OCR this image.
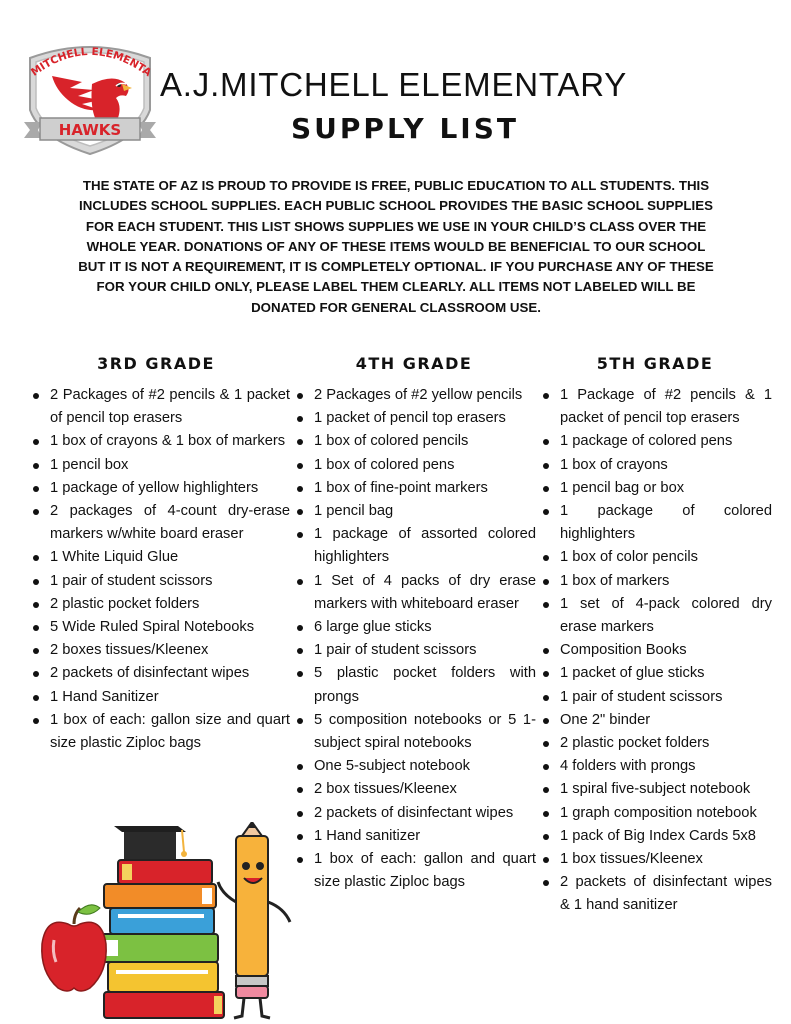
MITCHELL ELEMENTA
HAWKS
A.J.MITCHELL ELEMENTARY
SUPPLY LIST
THE STATE OF AZ IS PROUD TO PROVIDE IS FREE, PUBLIC EDUCATION TO ALL STUDENTS. THIS INCLUDES SCHOOL SUPPLIES. EACH PUBLIC SCHOOL PROVIDES THE BASIC SCHOOL SUPPLIES FOR EACH STUDENT. THIS LIST SHOWS SUPPLIES WE USE IN YOUR CHILD’S CLASS OVER THE WHOLE YEAR. DONATIONS OF ANY OF THESE ITEMS WOULD BE BENEFICIAL TO OUR SCHOOL BUT IT IS NOT A REQUIREMENT, IT IS COMPLETELY OPTIONAL. IF YOU PURCHASE ANY OF THESE FOR YOUR CHILD ONLY, PLEASE LABEL THEM CLEARLY. ALL ITEMS NOT LABELED WILL BE DONATED FOR GENERAL CLASSROOM USE.
3RD GRADE
2 Packages of #2 pencils & 1 packet of pencil top erasers
1 box of crayons & 1 box of markers
1 pencil box
1 package of yellow highlighters
2 packages of 4-count dry-erase markers w/white board eraser
1 White Liquid Glue
1 pair of student scissors
2 plastic pocket folders
5 Wide Ruled Spiral Notebooks
2 boxes tissues/Kleenex
2 packets of disinfectant wipes
1 Hand Sanitizer
1 box of each: gallon size and quart size plastic Ziploc bags
4TH GRADE
2 Packages of #2 yellow pencils
1 packet of pencil top erasers
1 box of colored pencils
1 box of colored pens
1 box of fine-point markers
1 pencil bag
1 package of assorted colored highlighters
1 Set of 4 packs of dry erase markers with whiteboard eraser
6 large glue sticks
1 pair of student scissors
5 plastic pocket folders with prongs
5 composition notebooks or 5 1-subject spiral notebooks
One 5-subject notebook
2 box tissues/Kleenex
2 packets of disinfectant wipes
1 Hand sanitizer
1 box of each: gallon and quart size plastic Ziploc bags
5TH GRADE
1 Package of #2 pencils & 1 packet of pencil top erasers
1 package of colored pens
1 box of crayons
1 pencil bag or box
1 package of colored highlighters
1 box of color pencils
1 box of markers
1 set of 4-pack colored dry erase markers
Composition Books
1 packet of glue sticks
1 pair of student scissors
One 2" binder
2 plastic pocket folders
4 folders with prongs
1 spiral five-subject notebook
1 graph composition notebook
1 pack of Big Index Cards 5x8
1 box tissues/Kleenex
2 packets of disinfectant wipes & 1 hand sanitizer
